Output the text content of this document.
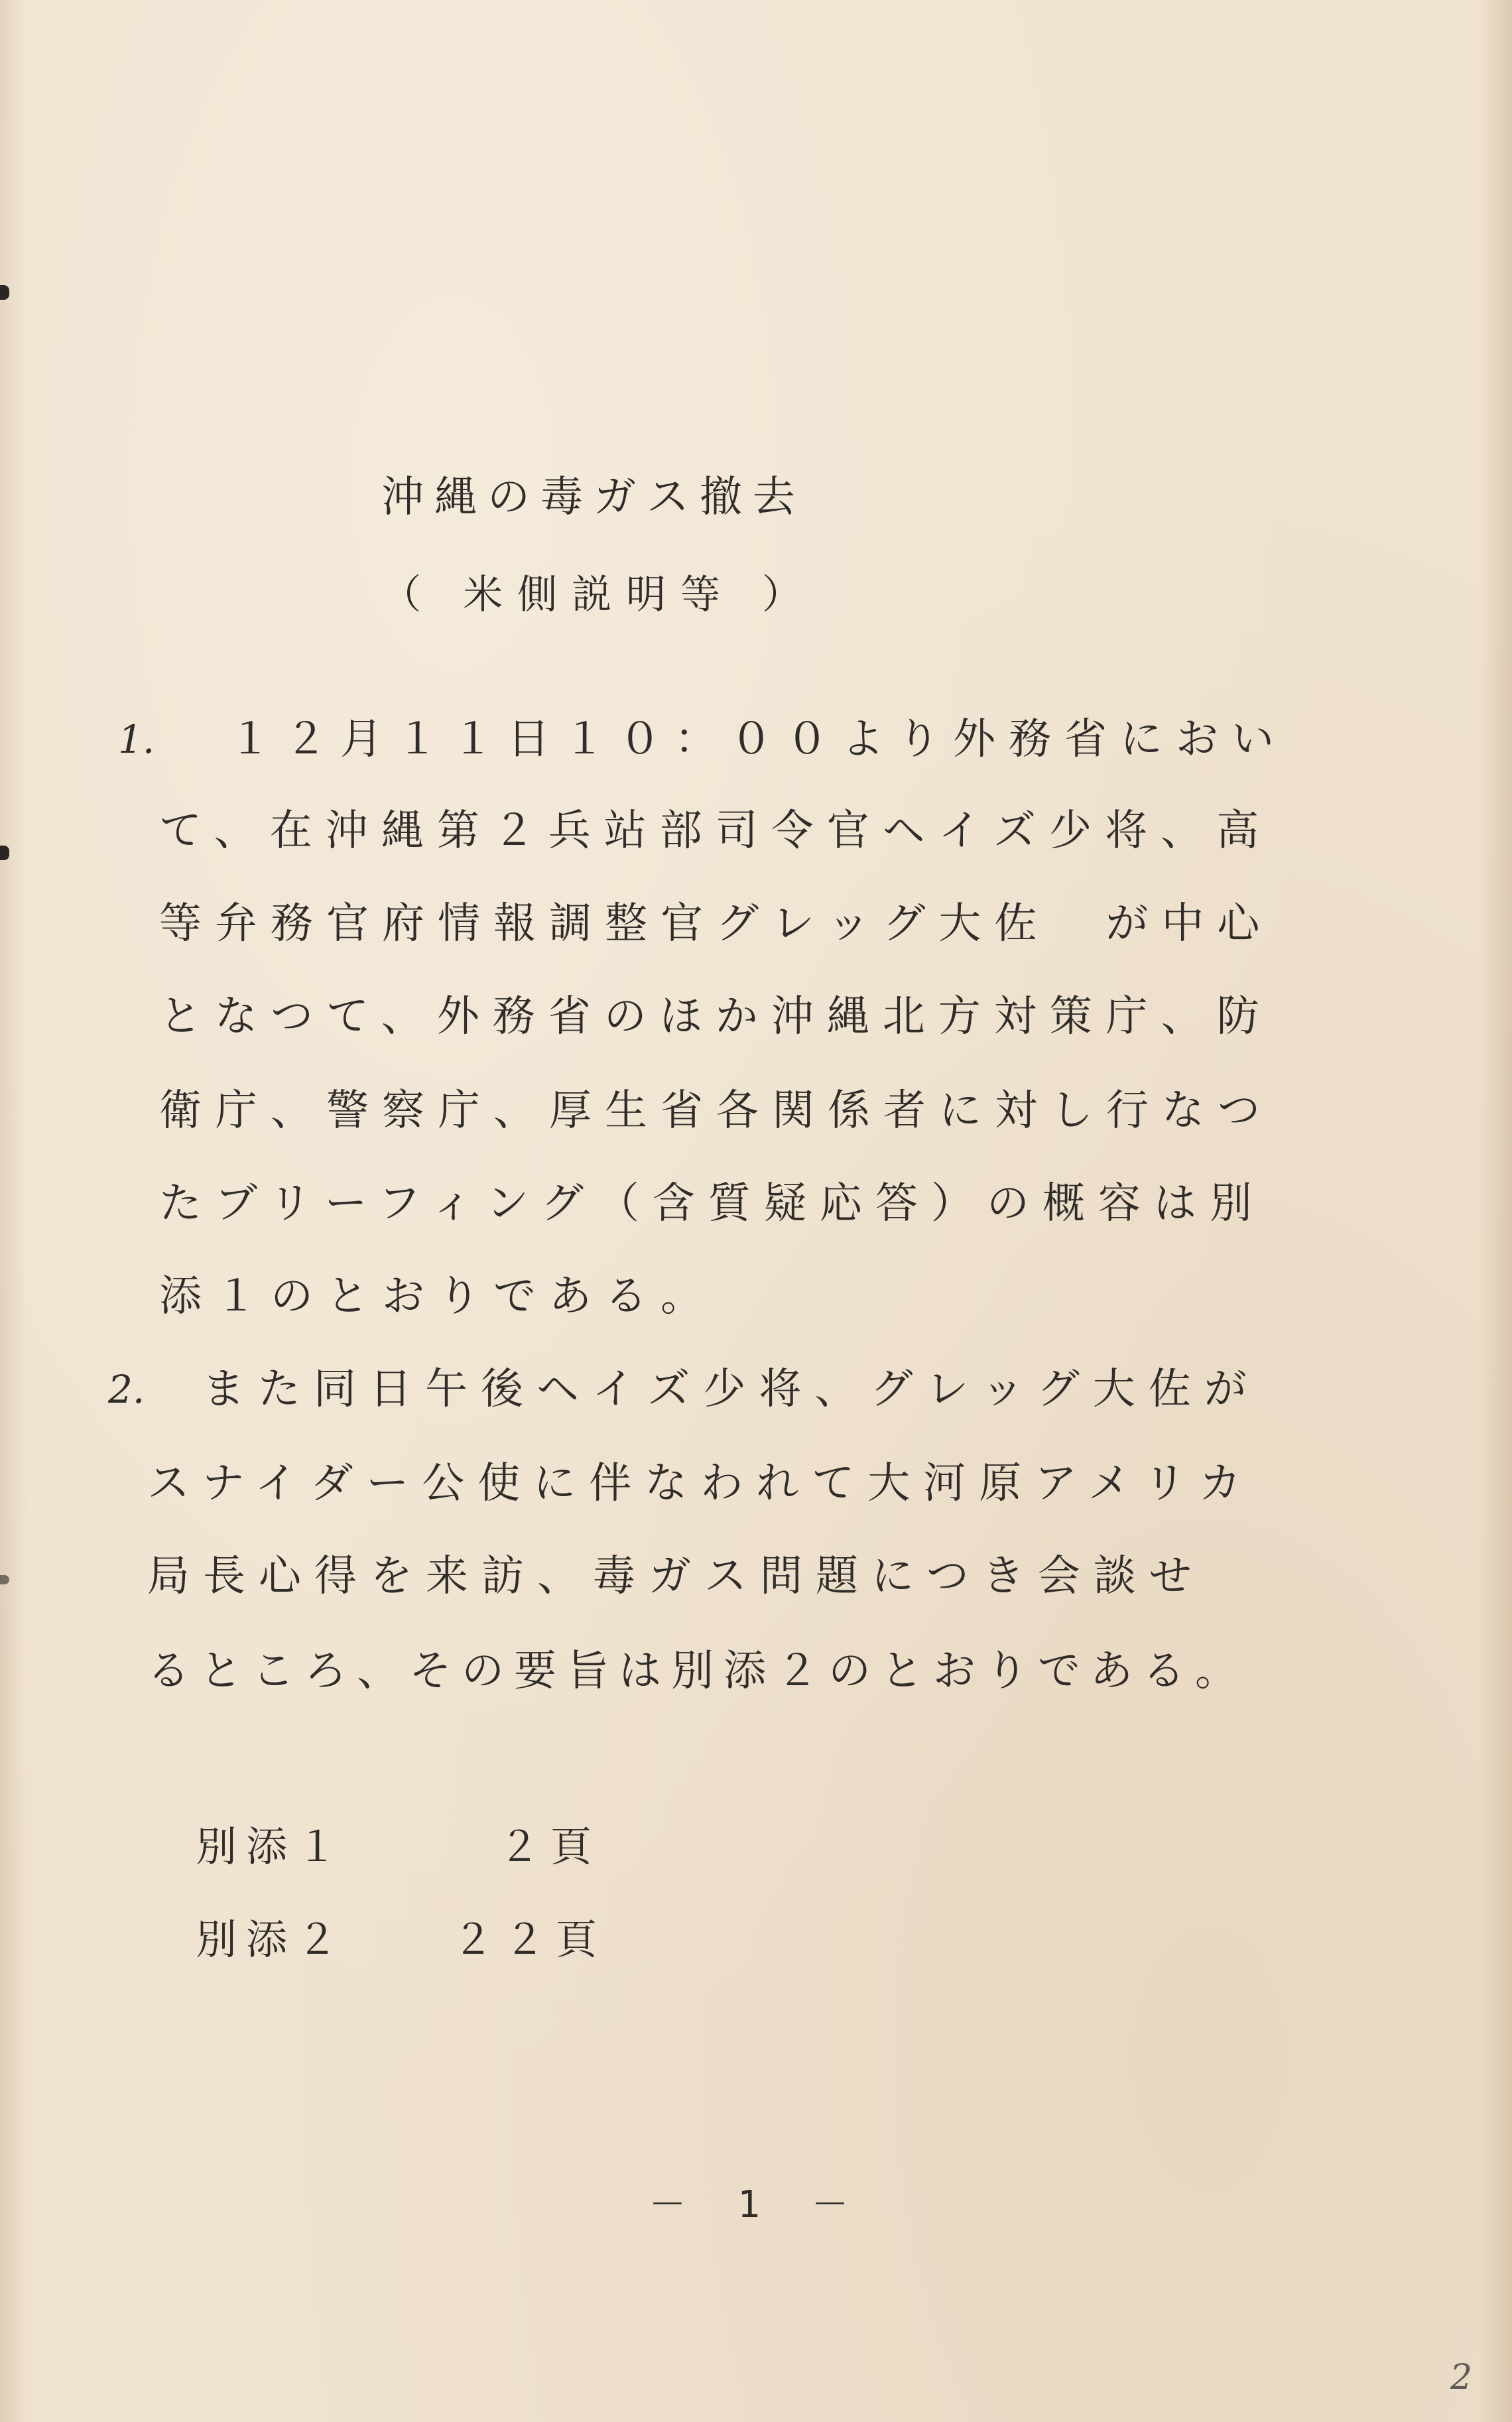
沖縄の毒ガス撤去
（ 米側説明等 ）
1. １２月１１日１０：００より外務省におい
て、在沖縄第２兵站部司令官ヘイズ少将、高
等弁務官府情報調整官グレッグ大佐　が中心
となつて、外務省のほか沖縄北方対策庁、防
衛庁、警察庁、厚生省各関係者に対し行なつ
たブリーフィング（含質疑応答）の概容は別
添１のとおりである。
2. また同日午後ヘイズ少将、グレッグ大佐が
スナイダー公使に伴なわれて大河原アメリカ
局長心得を来訪、毒ガス問題につき会談せ
るところ、その要旨は別添２のとおりである。
別添１	２頁
別添２	２２頁
－ 1 －
2
